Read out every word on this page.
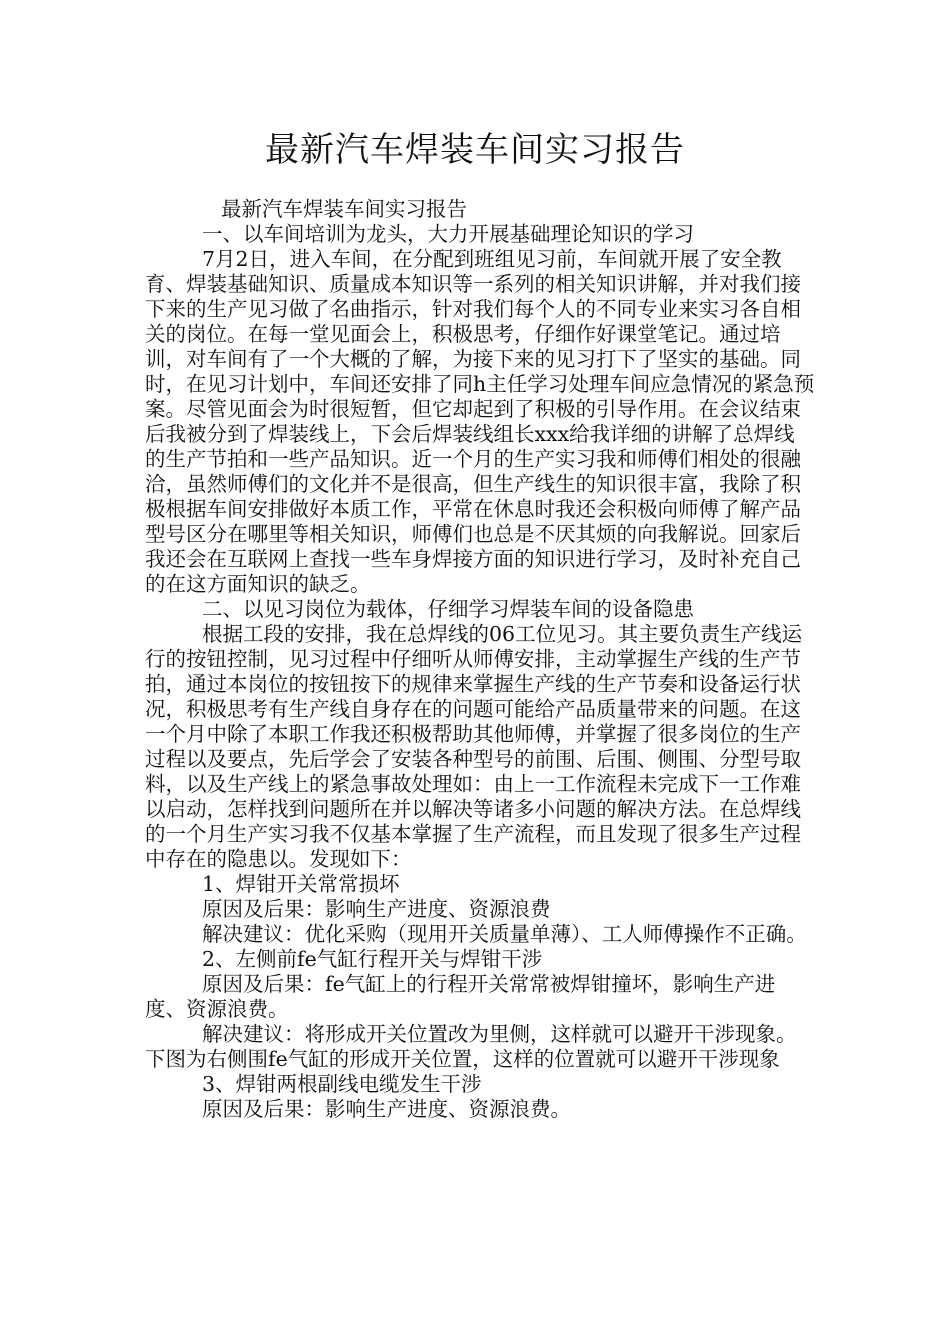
最新汽车焊装车间实习报告

最新汽车焊装车间实习报告

一、以车间培训为龙头，大力开展基础理论知识的学习

7月2日，进入车间，在分配到班组见习前，车间就开展了安全教育、焊装基础知识、质量成本知识等一系列的相关知识讲解，并对我们接下来的生产见习做了名曲指示，针对我们每个人的不同专业来实习各自相关的岗位。在每一堂见面会上，积极思考，仔细作好课堂笔记。通过培训，对车间有了一个大概的了解，为接下来的见习打下了坚实的基础。同时，在见习计划中，车间还安排了同h主任学习处理车间应急情况的紧急预案。尽管见面会为时很短暂，但它却起到了积极的引导作用。在会议结束后我被分到了焊装线上，下会后焊装线组长xxx给我详细的讲解了总焊线的生产节拍和一些产品知识。近一个月的生产实习我和师傅们相处的很融洽，虽然师傅们的文化并不是很高，但生产线生的知识很丰富，我除了积极根据车间安排做好本质工作，平常在休息时我还会积极向师傅了解产品型号区分在哪里等相关知识，师傅们也总是不厌其烦的向我解说。回家后我还会在互联网上查找一些车身焊接方面的知识进行学习，及时补充自己的在这方面知识的缺乏。

二、以见习岗位为载体，仔细学习焊装车间的设备隐患

根据工段的安排，我在总焊线的06工位见习。其主要负责生产线运行的按钮控制，见习过程中仔细听从师傅安排，主动掌握生产线的生产节拍，通过本岗位的按钮按下的规律来掌握生产线的生产节奏和设备运行状况，积极思考有生产线自身存在的问题可能给产品质量带来的问题。在这一个月中除了本职工作我还积极帮助其他师傅，并掌握了很多岗位的生产过程以及要点，先后学会了安装各种型号的前围、后围、侧围、分型号取料，以及生产线上的紧急事故处理如：由上一工作流程未完成下一工作难以启动，怎样找到问题所在并以解决等诸多小问题的解决方法。在总焊线的一个月生产实习我不仅基本掌握了生产流程，而且发现了很多生产过程中存在的隐患以。发现如下：

1、焊钳开关常常损坏

原因及后果：影响生产进度、资源浪费

解决建议：优化采购（现用开关质量单薄）、工人师傅操作不正确。

2、左侧前fe气缸行程开关与焊钳干涉

原因及后果：fe气缸上的行程开关常常被焊钳撞坏，影响生产进度、资源浪费。

解决建议：将形成开关位置改为里侧，这样就可以避开干涉现象。下图为右侧围fe气缸的形成开关位置，这样的位置就可以避开干涉现象

3、焊钳两根副线电缆发生干涉

原因及后果：影响生产进度、资源浪费。
